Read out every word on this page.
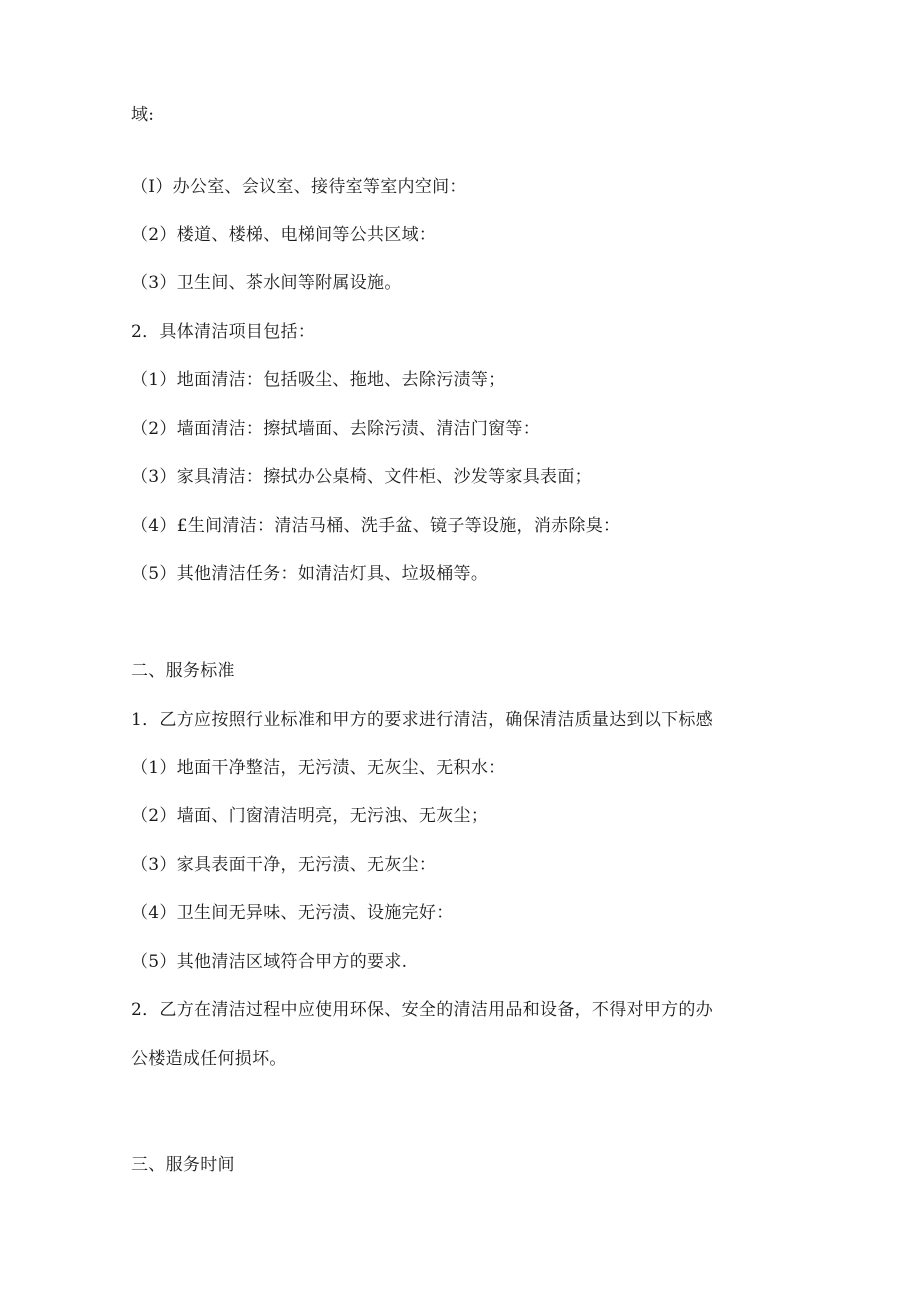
域:
（I）办公室、会议室、接待室等室内空间：
（2）楼道、楼梯、电梯间等公共区域：
（3）卫生间、茶水间等附属设施。
2．具体清洁项目包括：
（1）地面清洁：包括吸尘、拖地、去除污渍等；
（2）墙面清洁：擦拭墙面、去除污渍、清洁门窗等：
（3）家具清洁：擦拭办公桌椅、文件柜、沙发等家具表面；
（4）£生间清洁：清洁马桶、洗手盆、镜子等设施，消赤除臭：
（5）其他清洁任务：如清洁灯具、垃圾桶等。
二、服务标准
1．乙方应按照行业标准和甲方的要求进行清洁，确保清洁质量达到以下标感
（1）地面干净整洁，无污渍、无灰尘、无积水：
（2）墙面、门窗清洁明亮，无污浊、无灰尘；
（3）家具表面干净，无污渍、无灰尘：
（4）卫生间无异味、无污渍、设施完好：
（5）其他清洁区域符合甲方的要求.
2．乙方在清洁过程中应使用环保、安全的清洁用品和设备，不得对甲方的办
公楼造成任何损坏。
三、服务时间
